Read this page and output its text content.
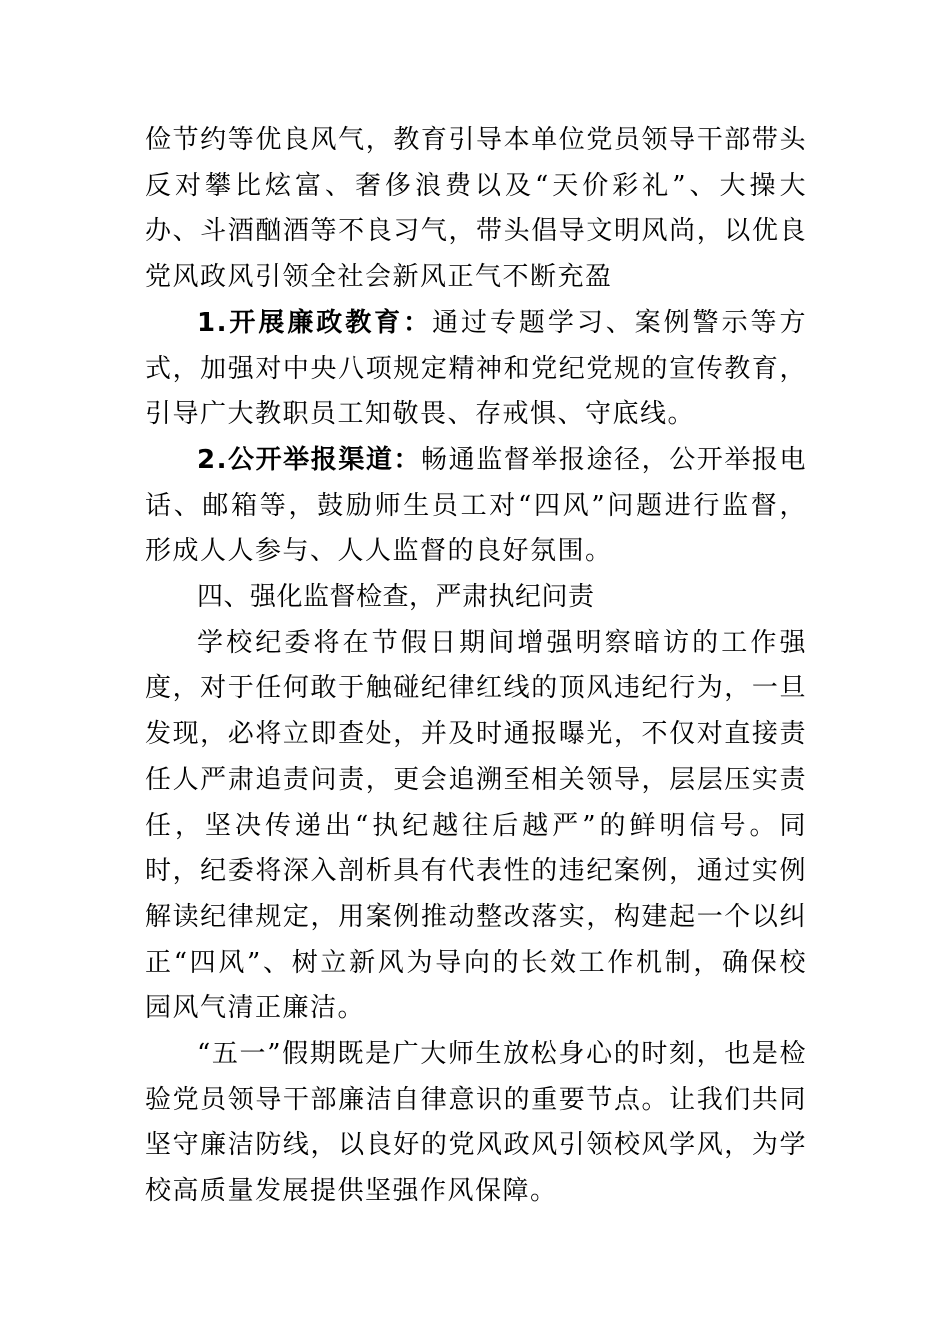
俭节约等优良风气，教育引导本单位党员领导干部带头反对攀比炫富、奢侈浪费以及“天价彩礼”、大操大办、斗酒酗酒等不良习气，带头倡导文明风尚，以优良党风政风引领全社会新风正气不断充盈

1.开展廉政教育：通过专题学习、案例警示等方式，加强对中央八项规定精神和党纪党规的宣传教育，引导广大教职员工知敬畏、存戒惧、守底线。

2.公开举报渠道：畅通监督举报途径，公开举报电话、邮箱等，鼓励师生员工对“四风”问题进行监督，形成人人参与、人人监督的良好氛围。

四、强化监督检查，严肃执纪问责

学校纪委将在节假日期间增强明察暗访的工作强度，对于任何敢于触碰纪律红线的顶风违纪行为，一旦发现，必将立即查处，并及时通报曝光，不仅对直接责任人严肃追责问责，更会追溯至相关领导，层层压实责任，坚决传递出“执纪越往后越严”的鲜明信号。同时，纪委将深入剖析具有代表性的违纪案例，通过实例解读纪律规定，用案例推动整改落实，构建起一个以纠正“四风”、树立新风为导向的长效工作机制，确保校园风气清正廉洁。

“五一”假期既是广大师生放松身心的时刻，也是检验党员领导干部廉洁自律意识的重要节点。让我们共同坚守廉洁防线，以良好的党风政风引领校风学风，为学校高质量发展提供坚强作风保障。
